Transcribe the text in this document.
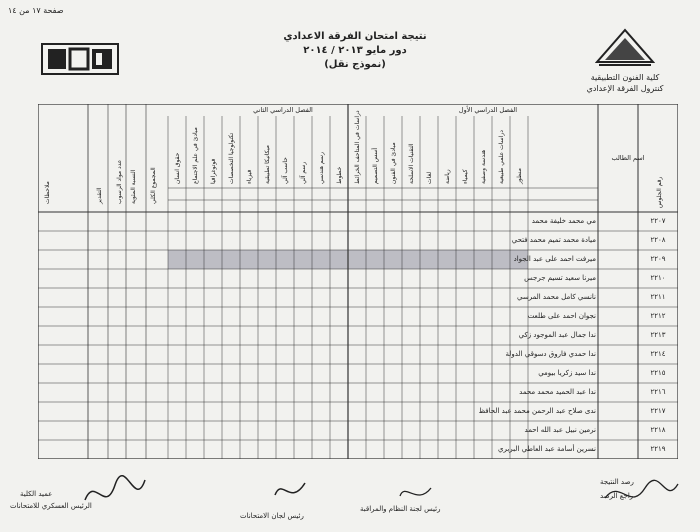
صفحة ١٧ من ١٤
نتيجة امتحان الفرقة الاعدادي
دور مايو ٢٠١٣ / ٢٠١٤
(نموذج نقل)
كلية الفنون التطبيقية
كنترول الفرقة الإعدادي
اسم الطالب
رقم الجلوس
الفصل الدراسي الأول
الفصل الدراسي الثاني
ملاحظات	التقدير عدد مواد الرسوب النسبة المئوية المجموع الكلي	منظور
دراسات علمي طبيعية
هندسة وصفية
كيمياء
رياضة
لغات
التقنيات الاسلحة
مبادئ في الفنون
أسس التصميم
دراسات في المتاحف الخرائط
خطوط
رسم هندسي
رسم آلي
حاسب آلي
ميكانيكا تطبيقية
فيزياء
تكنولوجيا التخصصات
فوتوغرافيا
مبادئ في علم الاجتماع
حقوق انسان
٢٢٠٧
مي محمد خليفة محمد
٢٢٠٨
ميادة محمد تميم محمد فتحي
٢٢٠٩
ميرفت احمد على عبد الجواد
٢٢١٠
ميرنا سعيد تسيم جرجس
٢٢١١
نانسي كامل محمد المرسي
٢٢١٢
نجوان احمد على طلعت
٢٢١٣
ندا جمال عبد الموجود زكي
٢٢١٤
ندا حمدي فاروق دسوقي الدولة
٢٢١٥
ندا سيد زكريا بيومي
٢٢١٦
ندا عبد الحميد محمد محمد
٢٢١٧
ندى صلاح عبد الرحمن محمد عبد الحافظ
٢٢١٨
نرمين نبيل عبد الله احمد
٢٢١٩
نسرين أسامة عبد العاطي البربري
رصد النتيجة
راجع الرصد
رئيس لجنة النظام والمراقبة
رئيس لجان الامتحانات
عميد الكلية
الرئيس العسكري للامتحانات
